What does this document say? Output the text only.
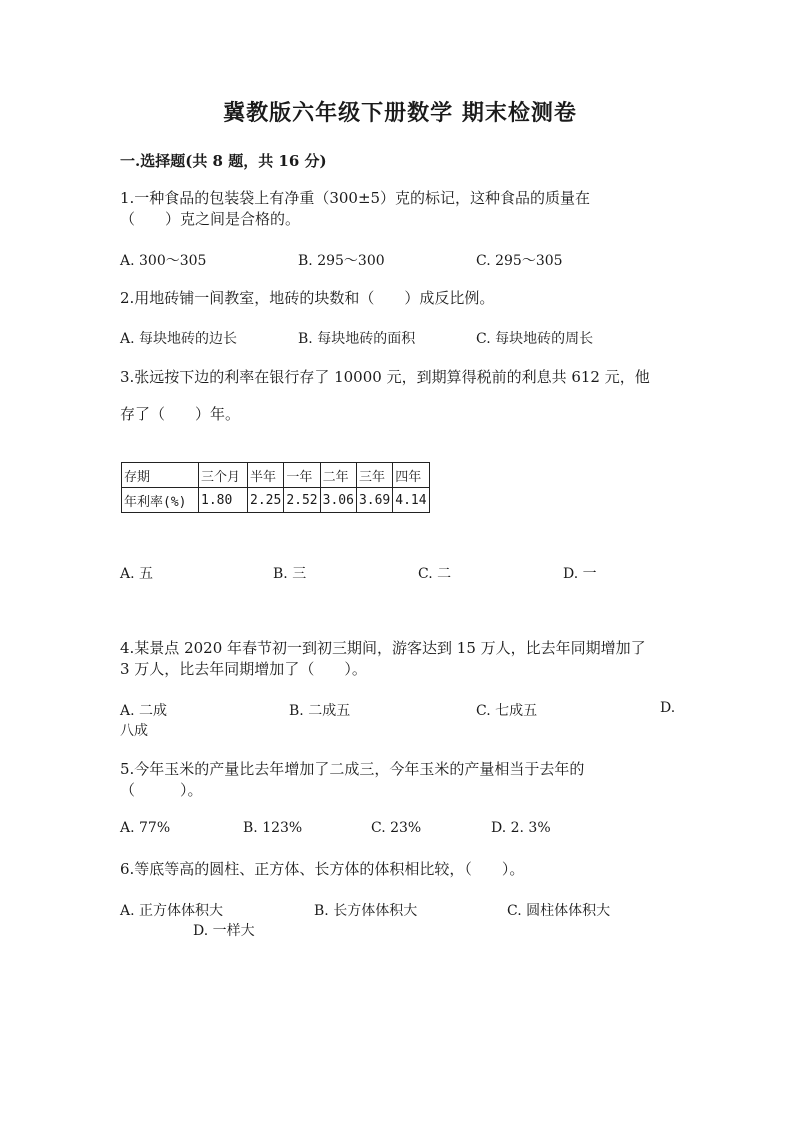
冀教版六年级下册数学 期末检测卷
一.选择题(共 8 题，共 16 分)
1.一种食品的包装袋上有净重（300±5）克的标记，这种食品的质量在
（　　）克之间是合格的。
A. 300～305	B. 295～300	C. 295～305
2.用地砖铺一间教室，地砖的块数和（　　）成反比例。
A. 每块地砖的边长	B. 每块地砖的面积	C. 每块地砖的周长
3.张远按下边的利率在银行存了 10000 元，到期算得税前的利息共 612 元，他
存了（　　）年。
存期	三个月	半年	一年	二年	三年	四年
年利率(%)	1.80	2.25	2.52	3.06	3.69	4.14
A. 五	B. 三	C. 二	D. 一
4.某景点 2020 年春节初一到初三期间，游客达到 15 万人，比去年同期增加了
3 万人，比去年同期增加了（　　）。
A. 二成	B. 二成五	C. 七成五	D.
八成
5.今年玉米的产量比去年增加了二成三，今年玉米的产量相当于去年的
（　　　）。
A. 77%	B. 123%	C. 23%	D. 2. 3%
6.等底等高的圆柱、正方体、长方体的体积相比较，（　　）。
A. 正方体体积大	B. 长方体体积大	C. 圆柱体体积大
D. 一样大
